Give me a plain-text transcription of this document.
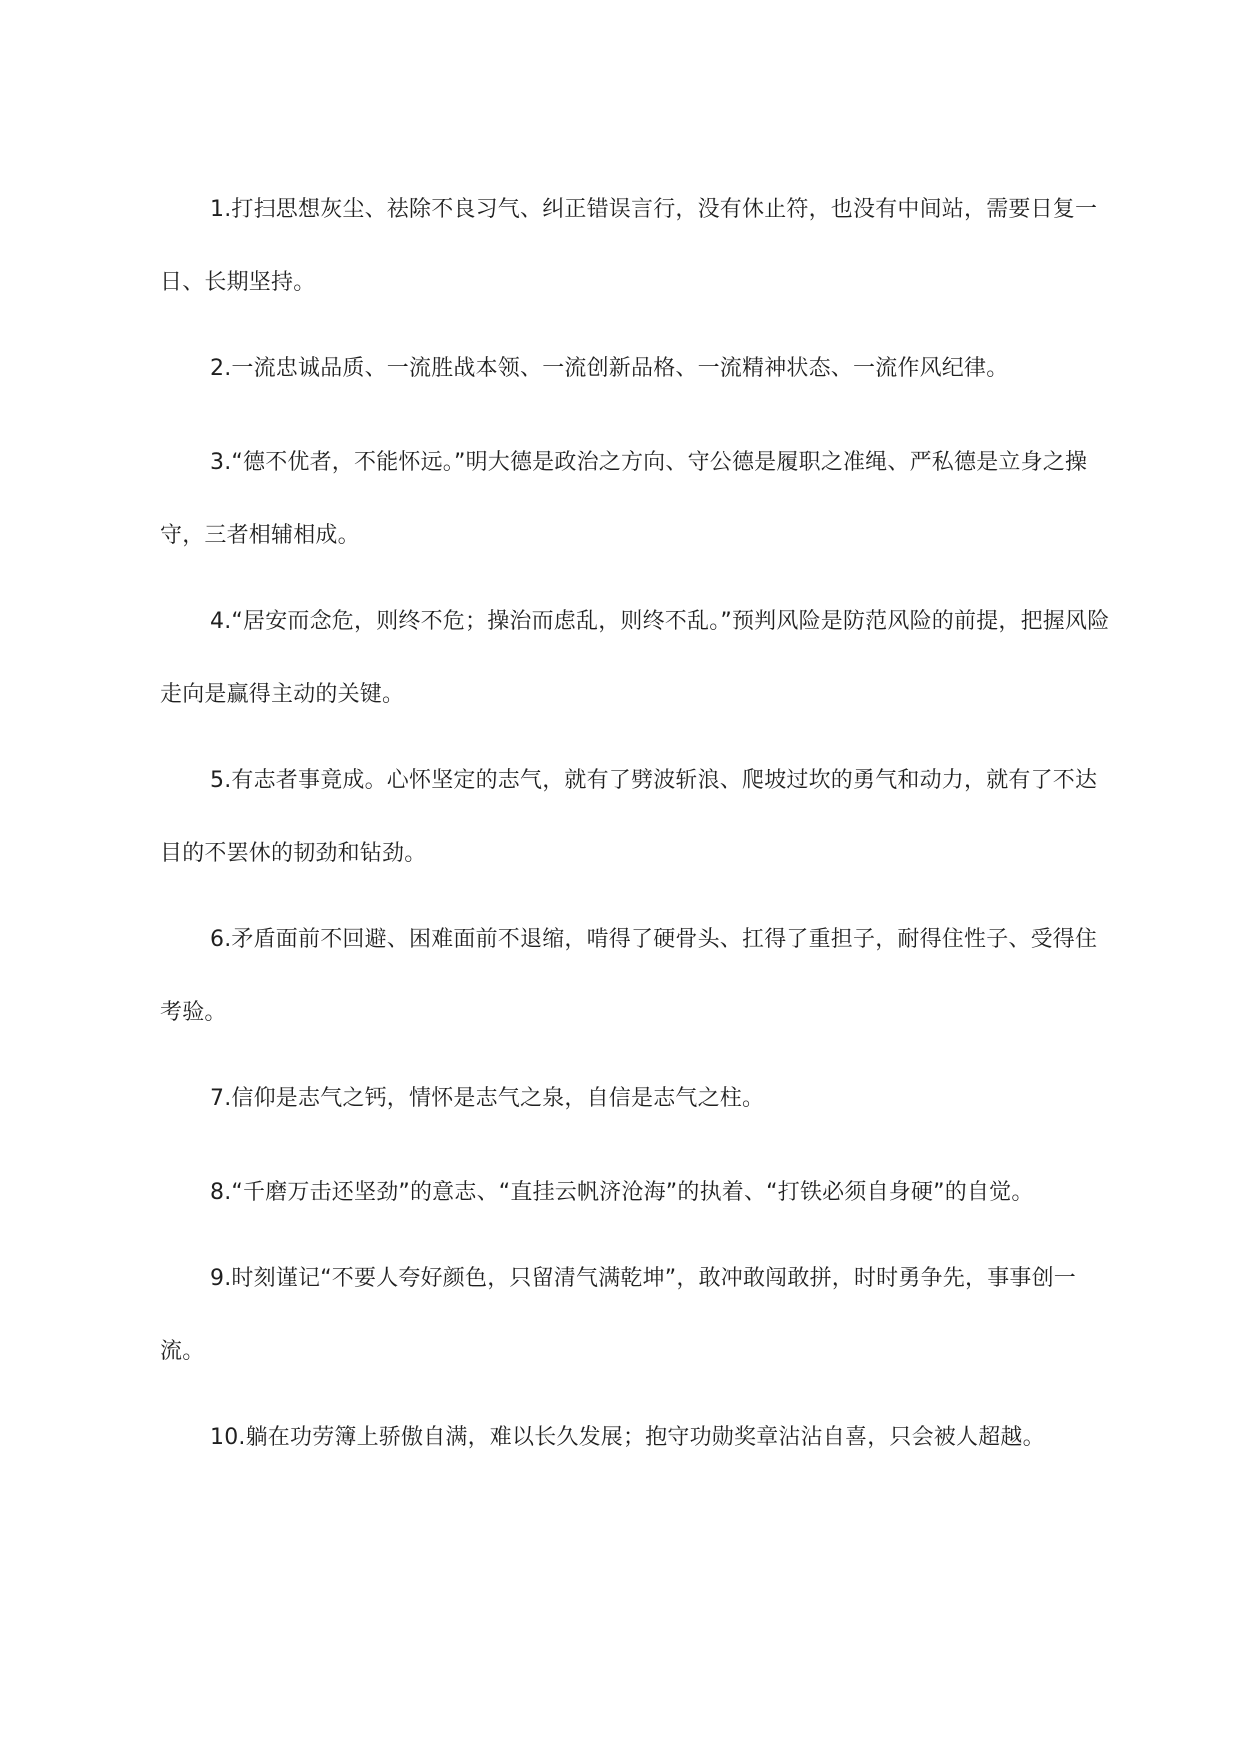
1.打扫思想灰尘、祛除不良习气、纠正错误言行，没有休止符，也没有中间站，需要日复一日、长期坚持。

2.一流忠诚品质、一流胜战本领、一流创新品格、一流精神状态、一流作风纪律。

3.“德不优者，不能怀远。”明大德是政治之方向、守公德是履职之准绳、严私德是立身之操守，三者相辅相成。

4.“居安而念危，则终不危；操治而虑乱，则终不乱。”预判风险是防范风险的前提，把握风险走向是赢得主动的关键。

5.有志者事竟成。心怀坚定的志气，就有了劈波斩浪、爬坡过坎的勇气和动力，就有了不达目的不罢休的韧劲和钻劲。

6.矛盾面前不回避、困难面前不退缩，啃得了硬骨头、扛得了重担子，耐得住性子、受得住考验。

7.信仰是志气之钙，情怀是志气之泉，自信是志气之柱。

8.“千磨万击还坚劲”的意志、“直挂云帆济沧海”的执着、“打铁必须自身硬”的自觉。

9.时刻谨记“不要人夸好颜色，只留清气满乾坤”，敢冲敢闯敢拼，时时勇争先，事事创一流。

10.躺在功劳簿上骄傲自满，难以长久发展；抱守功勋奖章沾沾自喜，只会被人超越。
